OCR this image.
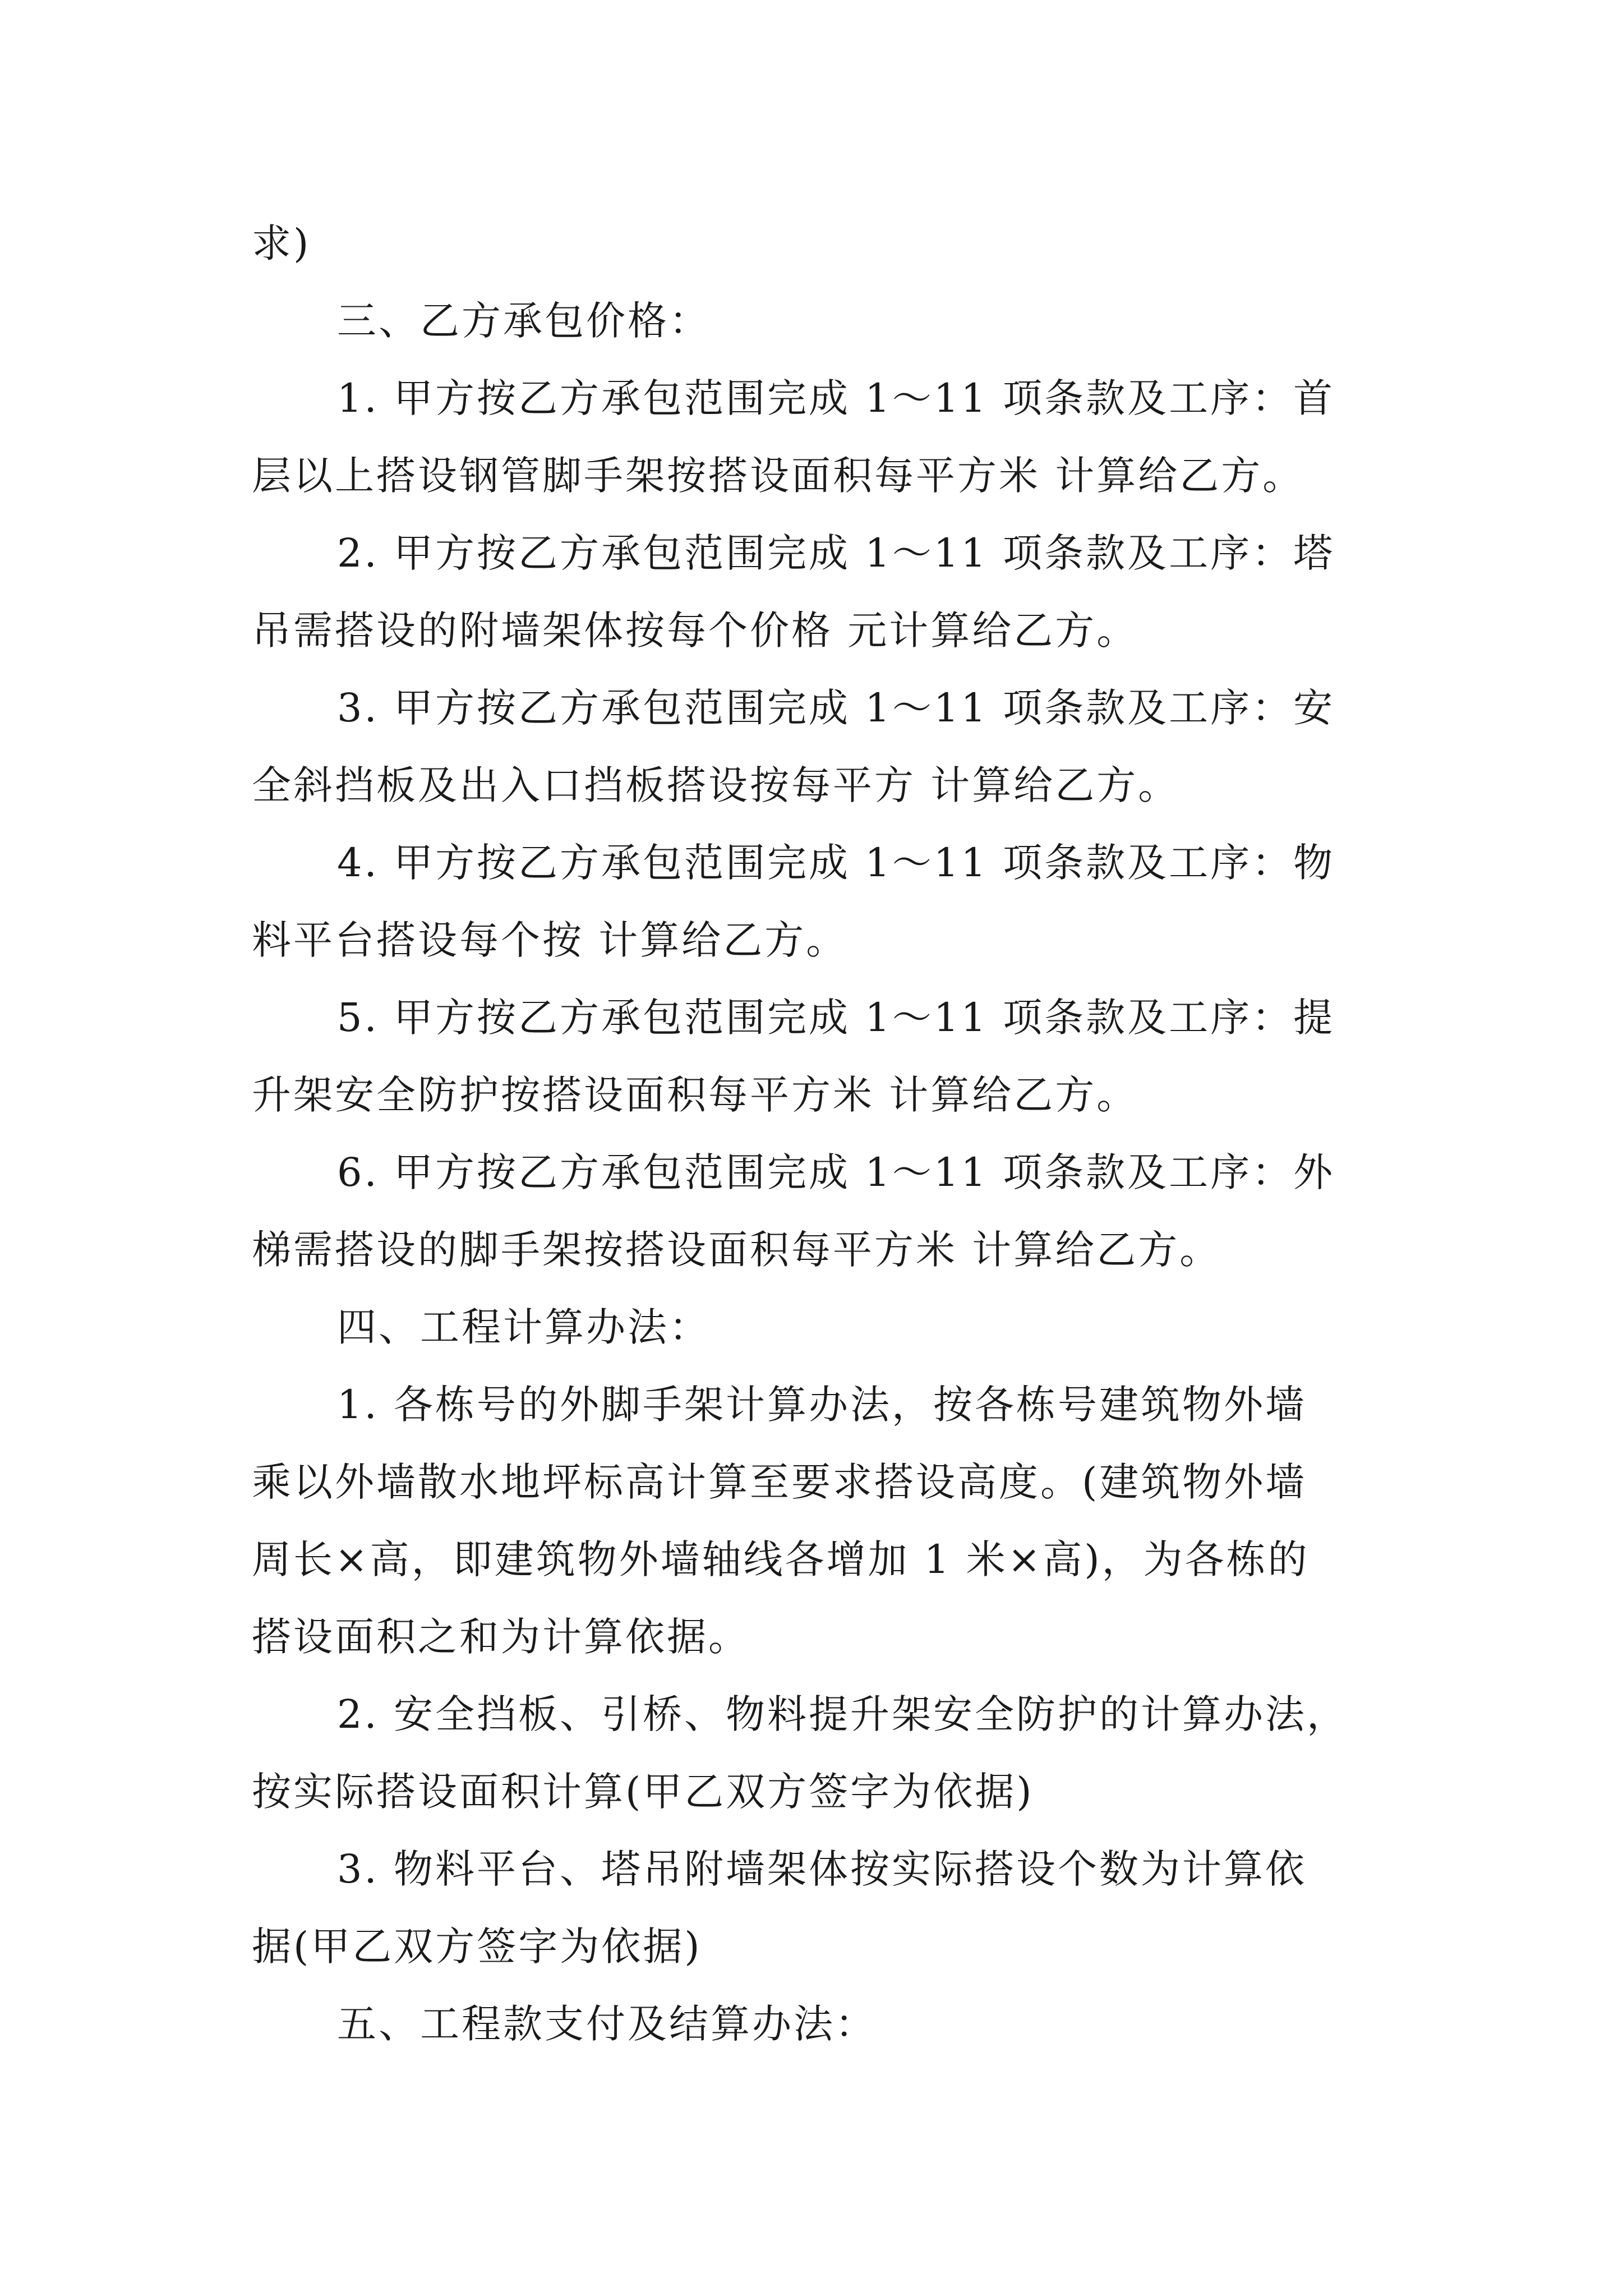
求)
三、乙方承包价格：
1. 甲方按乙方承包范围完成 1～11 项条款及工序：首
层以上搭设钢管脚手架按搭设面积每平方米 计算给乙方。
2. 甲方按乙方承包范围完成 1～11 项条款及工序：塔
吊需搭设的附墙架体按每个价格 元计算给乙方。
3. 甲方按乙方承包范围完成 1～11 项条款及工序：安
全斜挡板及出入口挡板搭设按每平方 计算给乙方。
4. 甲方按乙方承包范围完成 1～11 项条款及工序：物
料平台搭设每个按 计算给乙方。
5. 甲方按乙方承包范围完成 1～11 项条款及工序：提
升架安全防护按搭设面积每平方米 计算给乙方。
6. 甲方按乙方承包范围完成 1～11 项条款及工序：外
梯需搭设的脚手架按搭设面积每平方米 计算给乙方。
四、工程计算办法：
1. 各栋号的外脚手架计算办法，按各栋号建筑物外墙
乘以外墙散水地坪标高计算至要求搭设高度。(建筑物外墙
周长×高，即建筑物外墙轴线各增加 1 米×高)，为各栋的
搭设面积之和为计算依据。
2. 安全挡板、引桥、物料提升架安全防护的计算办法，
按实际搭设面积计算(甲乙双方签字为依据)
3. 物料平台、塔吊附墙架体按实际搭设个数为计算依
据(甲乙双方签字为依据)
五、工程款支付及结算办法：
